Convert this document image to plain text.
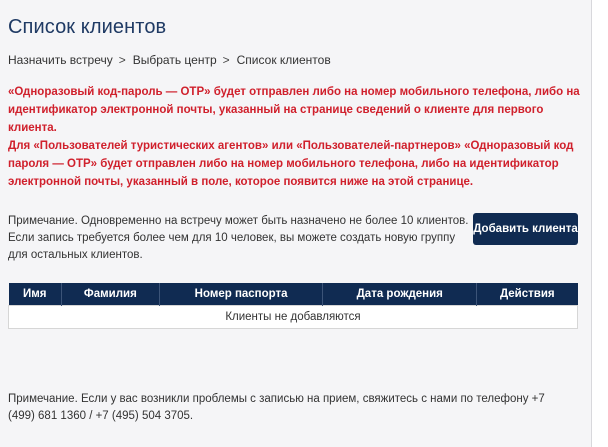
Список клиентов
Назначить встречу > Выбрать центр > Список клиентов

«Одноразовый код-пароль — OTP» будет отправлен либо на номер мобильного телефона, либо на идентификатор электронной почты, указанный на странице сведений о клиенте для первого клиента.

Для «Пользователей туристических агентов» или «Пользователей-партнеров» «Одноразовый код пароля — OTP» будет отправлен либо на номер мобильного телефона, либо на идентификатор электронной почты, указанный в поле, которое появится ниже на этой странице.

Примечание. Одновременно на встречу может быть назначено не более 10 клиентов. Если запись требуется более чем для 10 человек, вы можете создать новую группу для остальных клиентов.

Добавить клиента
Имя	Фамилия	Номер паспорта	Дата рождения	Действия
Клиенты не добавляются

Примечание. Если у вас возникли проблемы с записью на прием, свяжитесь с нами по телефону +7 (499) 681 1360 / +7 (495) 504 3705.
